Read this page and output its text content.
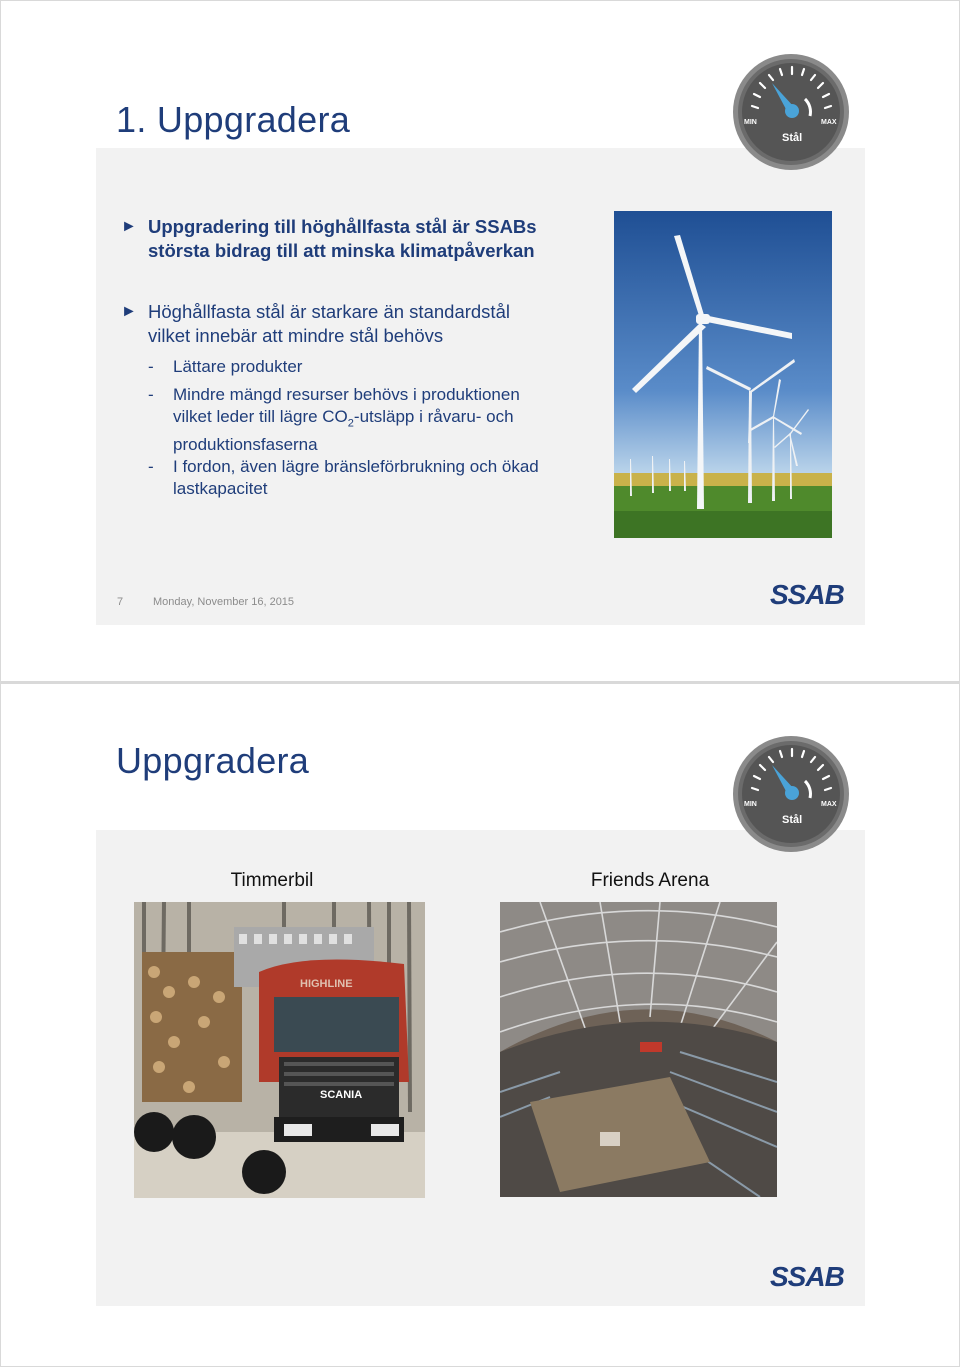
1. Uppgradera	MIN	MAX
Stål
► Uppgradering till höghållfasta stål är SSABs
största bidrag till att minska klimatpåverkan
► Höghållfasta stål är starkare än standardstål
vilket innebär att mindre stål behövs
- Lättare produkter
- Mindre mängd resurser behövs i produktionen
vilket leder till lägre $CO_2$-utsläpp i råvaru- och
produktionsfaserna
- I fordon, även lägre bränsleförbrukning och ökad
lastkapacitet
7	Monday, November 16, 2015	SSAB
Uppgradera
MIN	MAX
Stål
Timmerbil	Friends Arena
HIGHLINE
SCANIA
SSAB
